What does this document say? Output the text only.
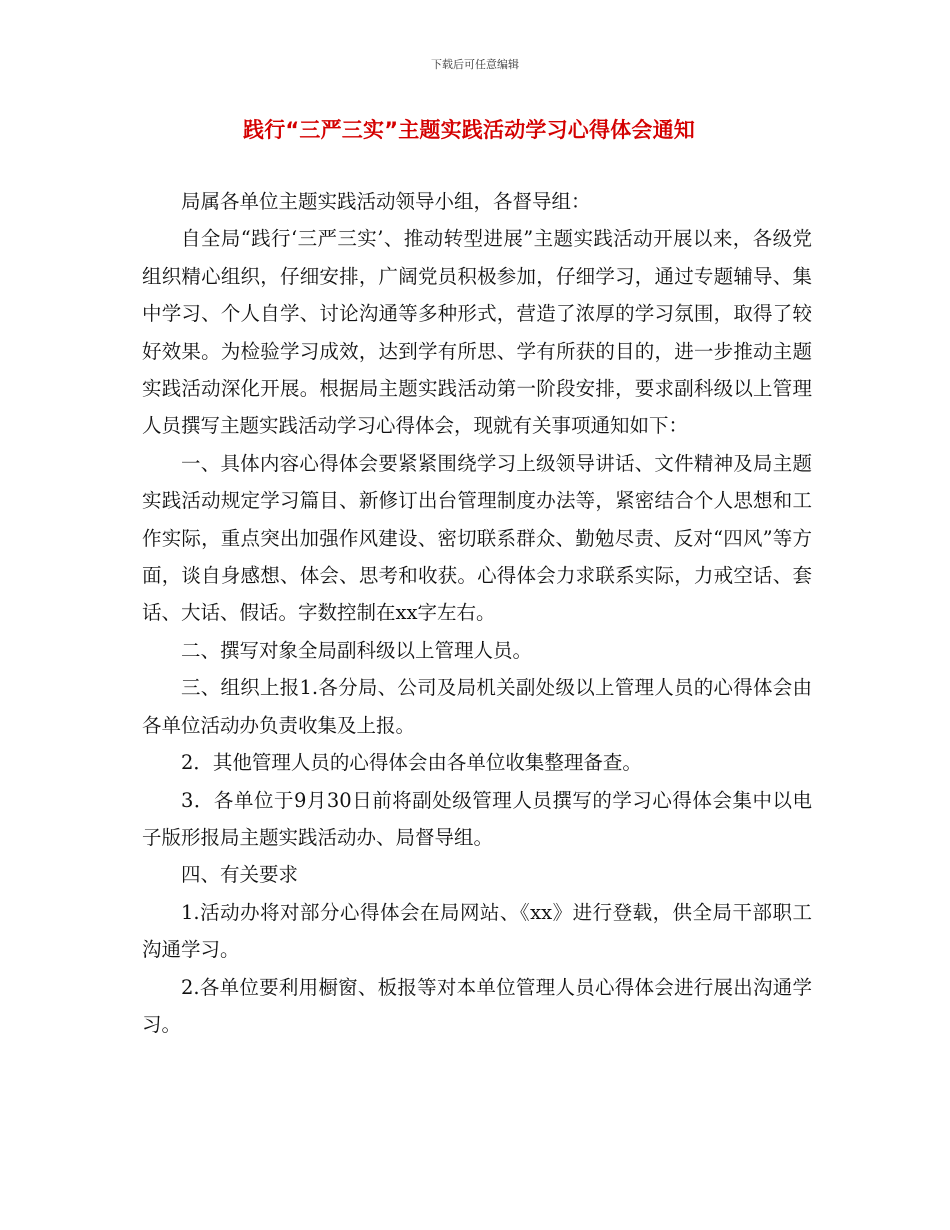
下载后可任意编辑
践行“三严三实”主题实践活动学习心得体会通知

局属各单位主题实践活动领导小组，各督导组：

自全局“践行‘三严三实’、推动转型进展”主题实践活动开展以来，各级党组织精心组织，仔细安排，广阔党员积极参加，仔细学习，通过专题辅导、集中学习、个人自学、讨论沟通等多种形式，营造了浓厚的学习氛围，取得了较好效果。为检验学习成效，达到学有所思、学有所获的目的，进一步推动主题实践活动深化开展。根据局主题实践活动第一阶段安排，要求副科级以上管理人员撰写主题实践活动学习心得体会，现就有关事项通知如下：

一、具体内容心得体会要紧紧围绕学习上级领导讲话、文件精神及局主题实践活动规定学习篇目、新修订出台管理制度办法等，紧密结合个人思想和工作实际，重点突出加强作风建设、密切联系群众、勤勉尽责、反对“四风”等方面，谈自身感想、体会、思考和收获。心得体会力求联系实际，力戒空话、套话、大话、假话。字数控制在xx字左右。

二、撰写对象全局副科级以上管理人员。

三、组织上报1.各分局、公司及局机关副处级以上管理人员的心得体会由各单位活动办负责收集及上报。

2．其他管理人员的心得体会由各单位收集整理备查。

3．各单位于9月30日前将副处级管理人员撰写的学习心得体会集中以电子版形报局主题实践活动办、局督导组。

四、有关要求

1.活动办将对部分心得体会在局网站、《xx》进行登载，供全局干部职工沟通学习。

2.各单位要利用橱窗、板报等对本单位管理人员心得体会进行展出沟通学习。
